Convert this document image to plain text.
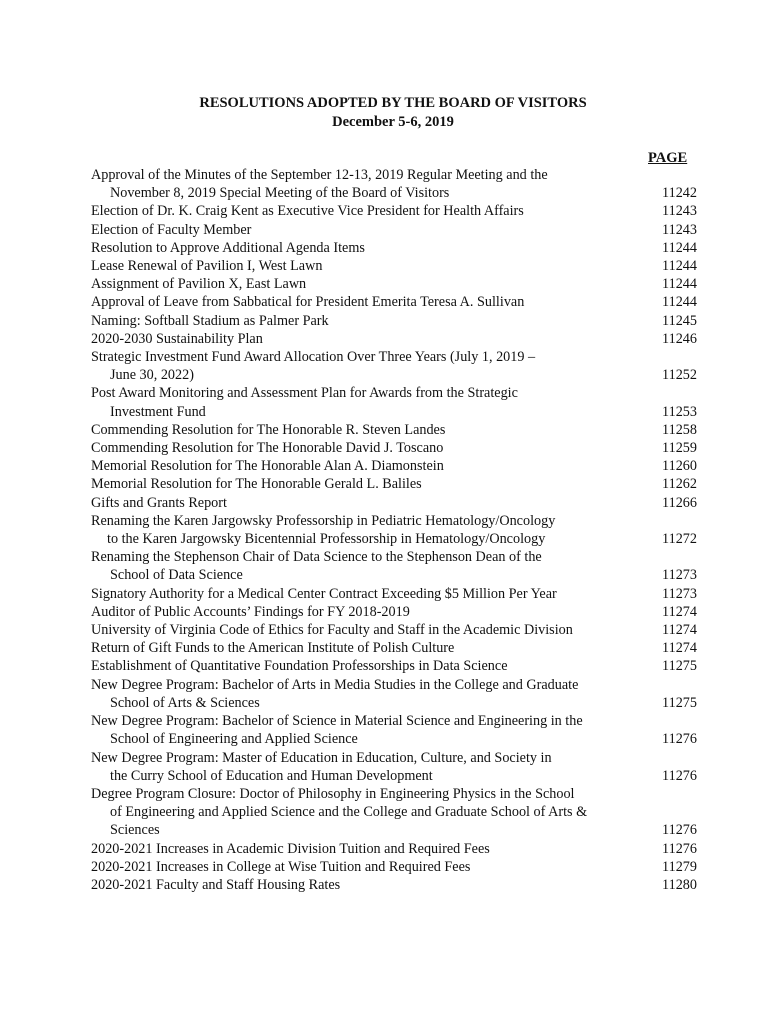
RESOLUTIONS ADOPTED BY THE BOARD OF VISITORS
December 5-6, 2019
PAGE
Approval of the Minutes of the September 12-13, 2019 Regular Meeting and the
November 8, 2019 Special Meeting of the Board of Visitors	11242
Election of Dr. K. Craig Kent as Executive Vice President for Health Affairs	11243
Election of Faculty Member	11243
Resolution to Approve Additional Agenda Items	11244
Lease Renewal of Pavilion I, West Lawn	11244
Assignment of Pavilion X, East Lawn	11244
Approval of Leave from Sabbatical for President Emerita Teresa A. Sullivan	11244
Naming: Softball Stadium as Palmer Park	11245
2020-2030 Sustainability Plan	11246
Strategic Investment Fund Award Allocation Over Three Years (July 1, 2019 –
June 30, 2022)	11252
Post Award Monitoring and Assessment Plan for Awards from the Strategic
Investment Fund	11253
Commending Resolution for The Honorable R. Steven Landes	11258
Commending Resolution for The Honorable David J. Toscano	11259
Memorial Resolution for The Honorable Alan A. Diamonstein	11260
Memorial Resolution for The Honorable Gerald L. Baliles	11262
Gifts and Grants Report	11266
Renaming the Karen Jargowsky Professorship in Pediatric Hematology/Oncology
to the Karen Jargowsky Bicentennial Professorship in Hematology/Oncology	11272
Renaming the Stephenson Chair of Data Science to the Stephenson Dean of the
School of Data Science	11273
Signatory Authority for a Medical Center Contract Exceeding $5 Million Per Year	11273
Auditor of Public Accounts’ Findings for FY 2018-2019	11274
University of Virginia Code of Ethics for Faculty and Staff in the Academic Division	11274
Return of Gift Funds to the American Institute of Polish Culture	11274
Establishment of Quantitative Foundation Professorships in Data Science	11275
New Degree Program: Bachelor of Arts in Media Studies in the College and Graduate
School of Arts & Sciences	11275
New Degree Program: Bachelor of Science in Material Science and Engineering in the
School of Engineering and Applied Science	11276
New Degree Program: Master of Education in Education, Culture, and Society in
the Curry School of Education and Human Development	11276
Degree Program Closure: Doctor of Philosophy in Engineering Physics in the School
of Engineering and Applied Science and the College and Graduate School of Arts &
Sciences	11276
2020-2021 Increases in Academic Division Tuition and Required Fees	11276
2020-2021 Increases in College at Wise Tuition and Required Fees	11279
2020-2021 Faculty and Staff Housing Rates	11280
